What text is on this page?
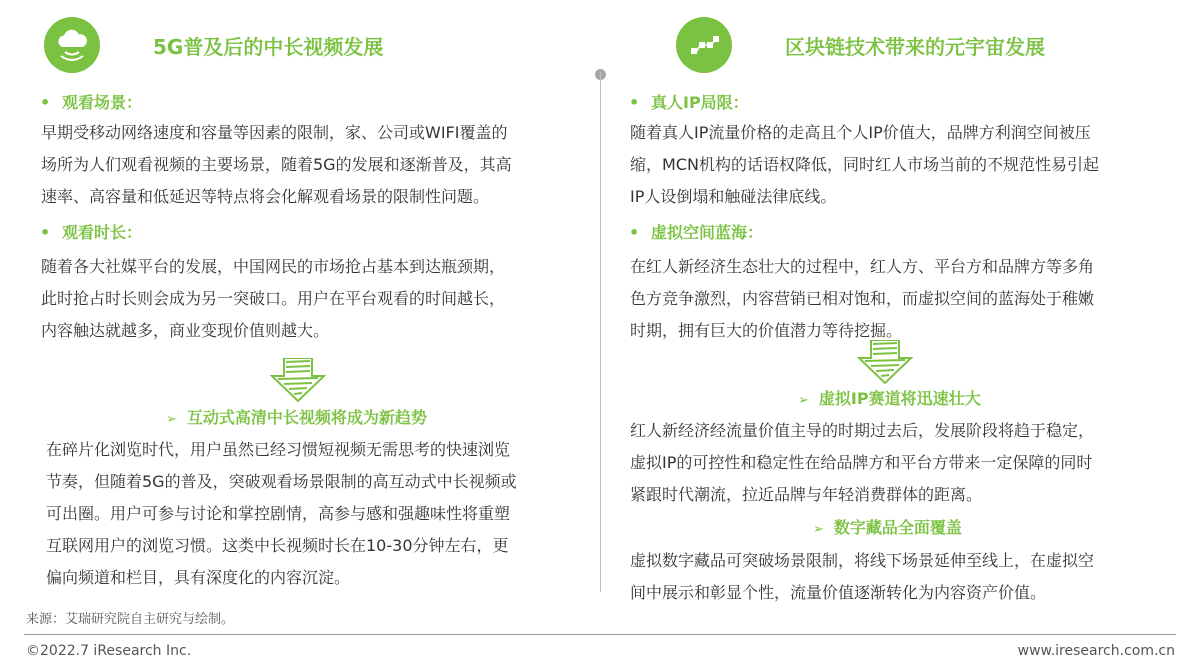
5G普及后的中长视频发展
• 观看场景：

早期受移动网络速度和容量等因素的限制，家、公司或WIFI覆盖的
场所为人们观看视频的主要场景，随着5G的发展和逐渐普及，其高
速率、高容量和低延迟等特点将会化解观看场景的限制性问题。

• 观看时长：

随着各大社媒平台的发展，中国网民的市场抢占基本到达瓶颈期，
此时抢占时长则会成为另一突破口。用户在平台观看的时间越长，
内容触达就越多，商业变现价值则越大。

➢ 互动式高清中长视频将成为新趋势

在碎片化浏览时代，用户虽然已经习惯短视频无需思考的快速浏览
节奏，但随着5G的普及，突破观看场景限制的高互动式中长视频或
可出圈。用户可参与讨论和掌控剧情，高参与感和强趣味性将重塑
互联网用户的浏览习惯。这类中长视频时长在10-30分钟左右，更
偏向频道和栏目，具有深度化的内容沉淀。

区块链技术带来的元宇宙发展
• 真人IP局限：

随着真人IP流量价格的走高且个人IP价值大，品牌方利润空间被压
缩，MCN机构的话语权降低，同时红人市场当前的不规范性易引起
IP人设倒塌和触碰法律底线。

• 虚拟空间蓝海：

在红人新经济生态壮大的过程中，红人方、平台方和品牌方等多角
色方竞争激烈，内容营销已相对饱和，而虚拟空间的蓝海处于稚嫩
时期，拥有巨大的价值潜力等待挖掘。

➢ 虚拟IP赛道将迅速壮大

红人新经济经流量价值主导的时期过去后，发展阶段将趋于稳定，
虚拟IP的可控性和稳定性在给品牌方和平台方带来一定保障的同时
紧跟时代潮流，拉近品牌与年轻消费群体的距离。

➢ 数字藏品全面覆盖

虚拟数字藏品可突破场景限制，将线下场景延伸至线上，在虚拟空
间中展示和彰显个性，流量价值逐渐转化为内容资产价值。

来源：艾瑞研究院自主研究与绘制。
©2022.7 iResearch Inc.	www.iresearch.com.cn
